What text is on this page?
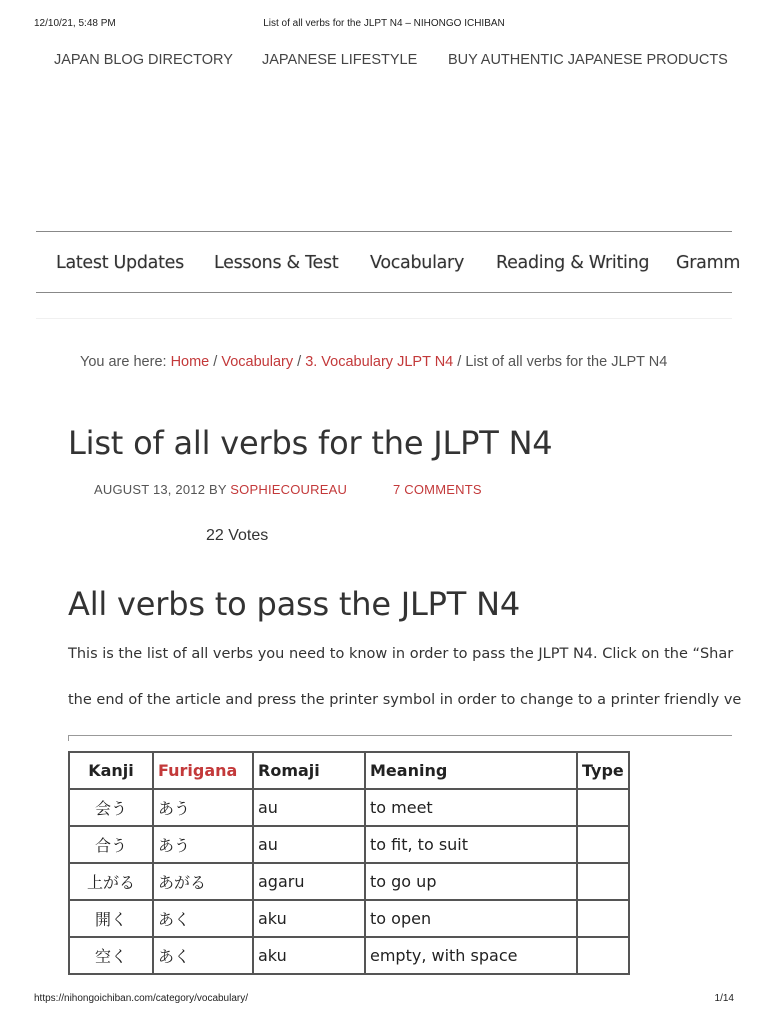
12/10/21, 5:48 PM	List of all verbs for the JLPT N4 – NIHONGO ICHIBAN
JAPAN BLOG DIRECTORY JAPANESE LIFESTYLE BUY AUTHENTIC JAPANESE PRODUCTS
Latest Updates Lessons & Test Vocabulary Reading & Writing Gramm
You are here: Home / Vocabulary / 3. Vocabulary JLPT N4 / List of all verbs for the JLPT N4
List of all verbs for the JLPT N4
AUGUST 13, 2012 BY SOPHIECOUREAU	7 COMMENTS
22 Votes
All verbs to pass the JLPT N4
This is the list of all verbs you need to know in order to pass the JLPT N4. Click on the “Shar
the end of the article and press the printer symbol in order to change to a printer friendly ve
Kanji	Furigana	Romaji	Meaning	Type
会う	あう	au	to meet	
合う	あう	au	to fit, to suit	
上がる	あがる	agaru	to go up	
開く	あく	aku	to open	
空く	あく	aku	empty, with space	
https://nihongoichiban.com/category/vocabulary/	1/14
